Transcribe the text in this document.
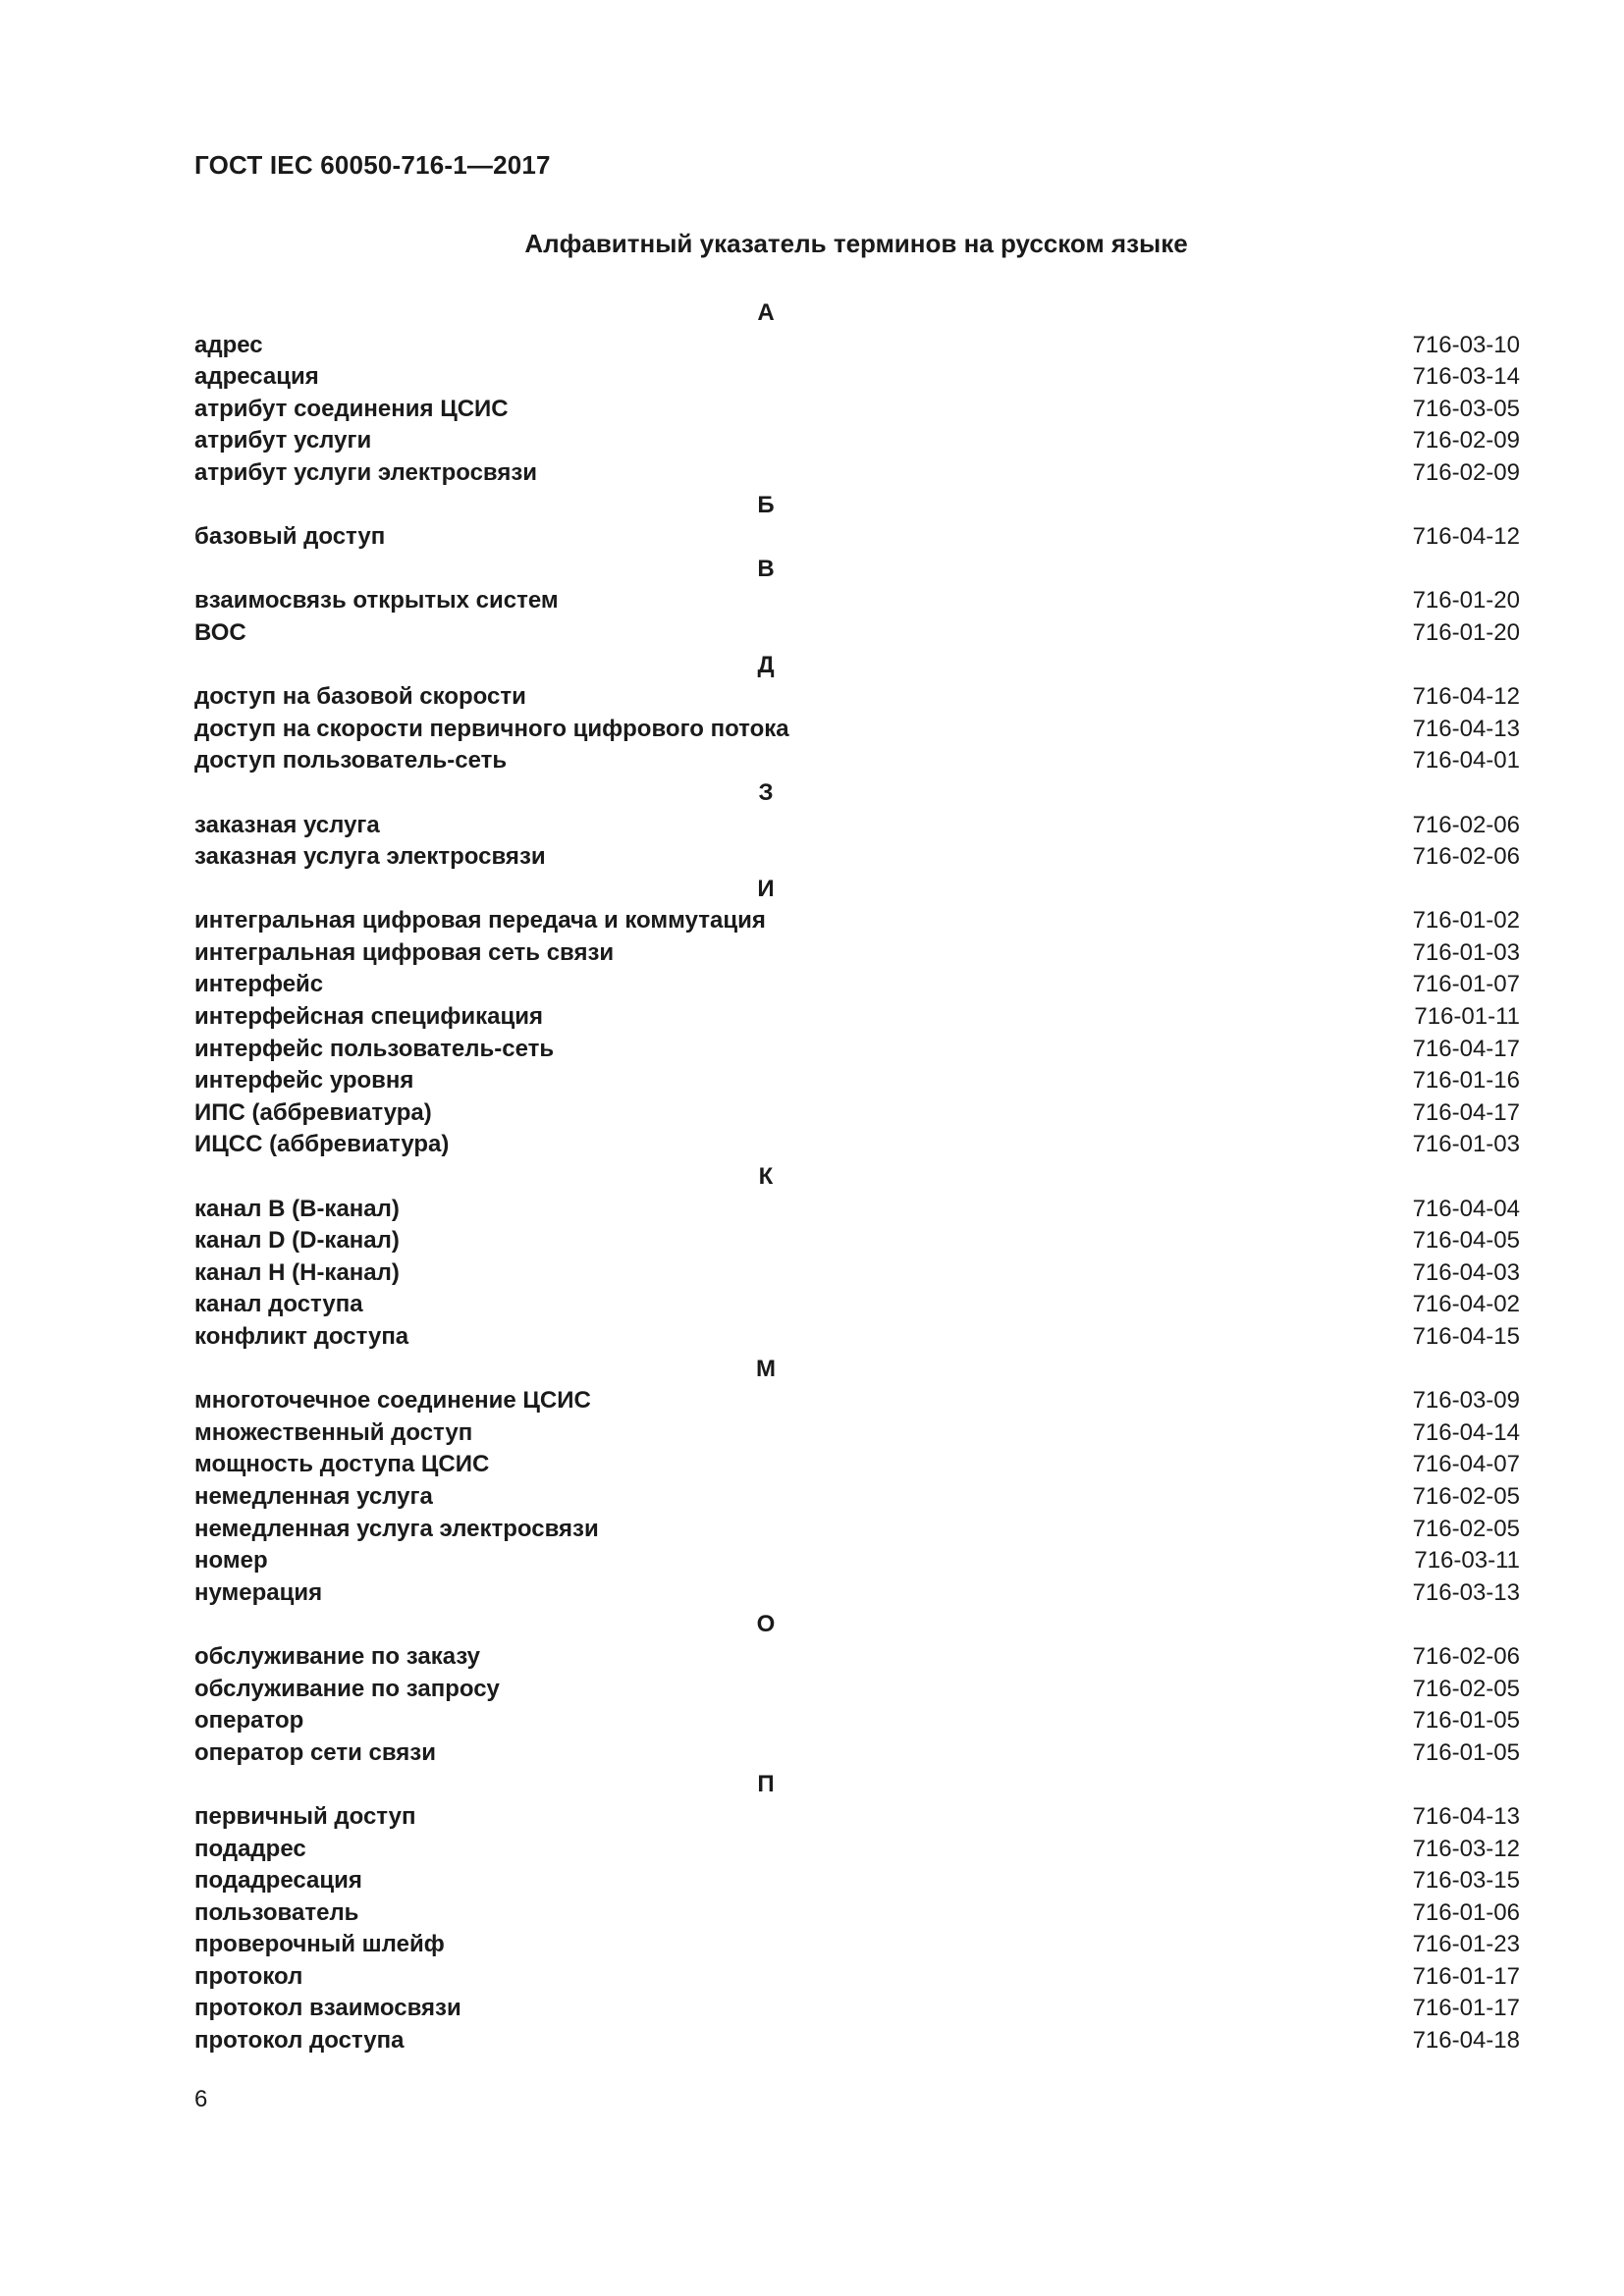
ГОСТ IEC 60050-716-1—2017
Алфавитный указатель терминов на русском языке
А
адрес	716-03-10
адресация	716-03-14
атрибут соединения ЦСИС	716-03-05
атрибут услуги	716-02-09
атрибут услуги электросвязи	716-02-09
Б
базовый доступ	716-04-12
В
взаимосвязь открытых систем	716-01-20
ВОС	716-01-20
Д
доступ на базовой скорости	716-04-12
доступ на скорости первичного цифрового потока	716-04-13
доступ пользователь-сеть	716-04-01
З
заказная услуга	716-02-06
заказная услуга электросвязи	716-02-06
И
интегральная цифровая передача и коммутация	716-01-02
интегральная цифровая сеть связи	716-01-03
интерфейс	716-01-07
интерфейсная спецификация	716-01-11
интерфейс пользователь-сеть	716-04-17
интерфейс уровня	716-01-16
ИПС (аббревиатура)	716-04-17
ИЦСС (аббревиатура)	716-01-03
К
канал В (В-канал)	716-04-04
канал D (D-канал)	716-04-05
канал Н (Н-канал)	716-04-03
канал доступа	716-04-02
конфликт доступа	716-04-15
М
многоточечное соединение ЦСИС	716-03-09
множественный доступ	716-04-14
мощность доступа ЦСИС	716-04-07
немедленная услуга	716-02-05
немедленная услуга электросвязи	716-02-05
номер	716-03-11
нумерация	716-03-13
О
обслуживание по заказу	716-02-06
обслуживание по запросу	716-02-05
оператор	716-01-05
оператор сети связи	716-01-05
П
первичный доступ	716-04-13
подадрес	716-03-12
подадресация	716-03-15
пользователь	716-01-06
проверочный шлейф	716-01-23
протокол	716-01-17
протокол взаимосвязи	716-01-17
протокол доступа	716-04-18
6
